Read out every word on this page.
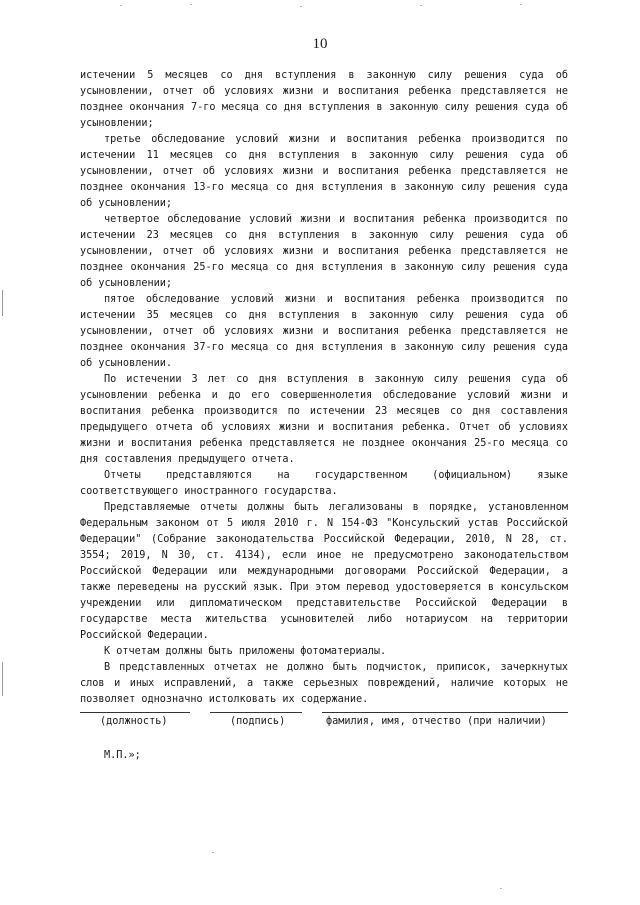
10

истечении 5 месяцев со дня вступления в законную силу решения суда об усыновлении, отчет об условиях жизни и воспитания ребенка представляется не позднее окончания 7-го месяца со дня вступления в законную силу решения суда об усыновлении;

третье обследование условий жизни и воспитания ребенка производится по истечении 11 месяцев со дня вступления в законную силу решения суда об усыновлении, отчет об условиях жизни и воспитания ребенка представляется не позднее окончания 13-го месяца со дня вступления в законную силу решения суда об усыновлении;

четвертое обследование условий жизни и воспитания ребенка производится по истечении 23 месяцев со дня вступления в законную силу решения суда об усыновлении, отчет об условиях жизни и воспитания ребенка представляется не позднее окончания 25-го месяца со дня вступления в законную силу решения суда об усыновлении;

пятое обследование условий жизни и воспитания ребенка производится по истечении 35 месяцев со дня вступления в законную силу решения суда об усыновлении, отчет об условиях жизни и воспитания ребенка представляется не позднее окончания 37-го месяца со дня вступления в законную силу решения суда об усыновлении.

По истечении 3 лет со дня вступления в законную силу решения суда об усыновлении ребенка и до его совершеннолетия обследование условий жизни и воспитания ребенка производится по истечении 23 месяцев со дня составления предыдущего отчета об условиях жизни и воспитания ребенка. Отчет об условиях жизни и воспитания ребенка представляется не позднее окончания 25-го месяца со дня составления предыдущего отчета.

Отчеты представляются на государственном (официальном) языке соответствующего иностранного государства.

Представляемые отчеты должны быть легализованы в порядке, установленном Федеральным законом от 5 июля 2010 г. N 154-ФЗ "Консульский устав Российской Федерации" (Собрание законодательства Российской Федерации, 2010, N 28, ст. 3554; 2019, N 30, ст. 4134), если иное не предусмотрено законодательством Российской Федерации или международными договорами Российской Федерации, а также переведены на русский язык. При этом перевод удостоверяется в консульском учреждении или дипломатическом представительстве Российской Федерации в государстве места жительства усыновителей либо нотариусом на территории Российской Федерации.

К отчетам должны быть приложены фотоматериалы.

В представленных отчетах не должно быть подчисток, приписок, зачеркнутых слов и иных исправлений, а также серьезных повреждений, наличие которых не позволяет однозначно истолковать их содержание.

(должность)	(подпись)	фамилия, имя, отчество (при наличии)
М.П.»;
